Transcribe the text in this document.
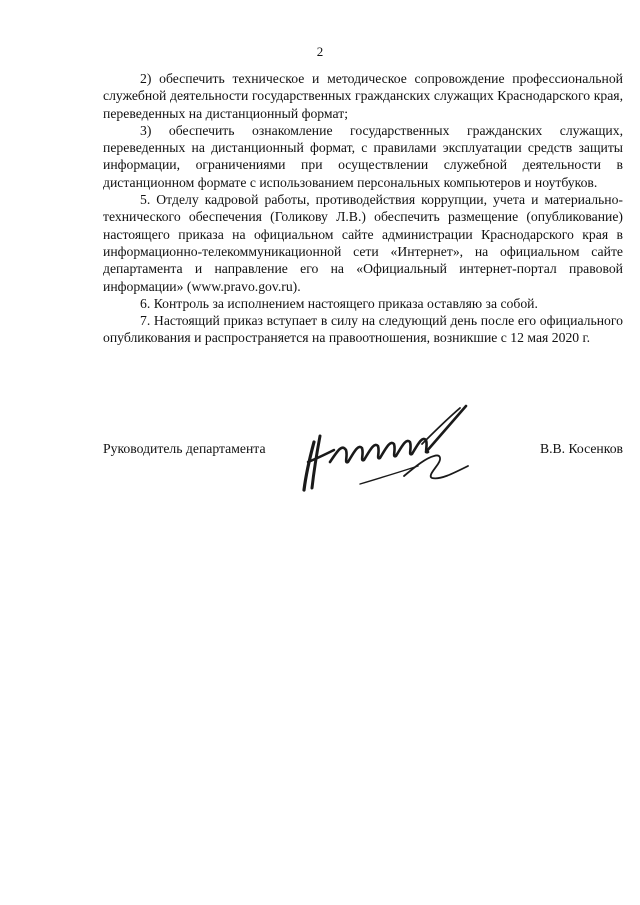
2

2) обеспечить техническое и методическое сопровождение профессиональной служебной деятельности государственных гражданских служащих Краснодарского края, переведенных на дистанционный формат;

3) обеспечить ознакомление государственных гражданских служащих, переведенных на дистанционный формат, с правилами эксплуатации средств защиты информации, ограничениями при осуществлении служебной деятельности в дистанционном формате с использованием персональных компьютеров и ноутбуков.

5. Отделу кадровой работы, противодействия коррупции, учета и материально-технического обеспечения (Голикову Л.В.) обеспечить размещение (опубликование) настоящего приказа на официальном сайте администрации Краснодарского края в информационно-телекоммуникационной сети «Интернет», на официальном сайте департамента и направление его на «Официальный интернет-портал правовой информации» (www.pravo.gov.ru).

6. Контроль за исполнением настоящего приказа оставляю за собой.

7. Настоящий приказ вступает в силу на следующий день после его официального опубликования и распространяется на правоотношения, возникшие с 12 мая 2020 г.

Руководитель департамента	В.В. Косенков
